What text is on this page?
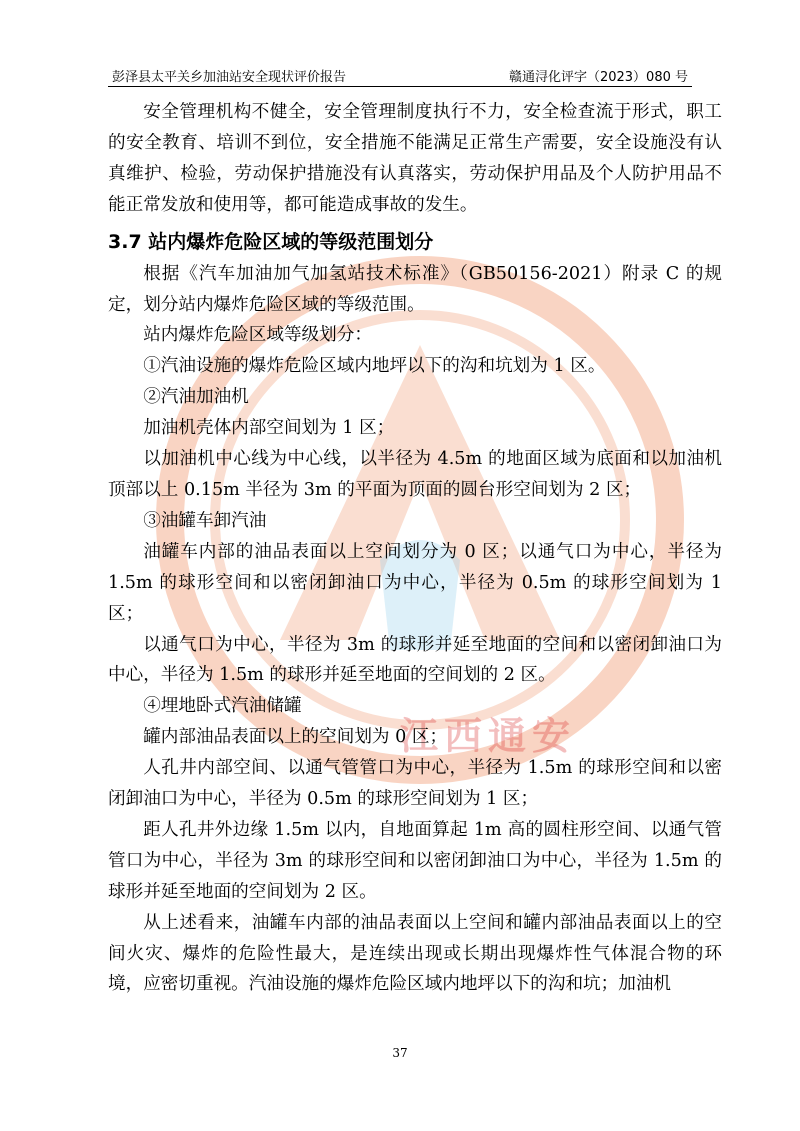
江西通安
彭泽县太平关乡加油站安全现状评价报告	赣通浔化评字（2023）080 号

安全管理机构不健全，安全管理制度执行不力，安全检查流于形式，职工的安全教育、培训不到位，安全措施不能满足正常生产需要，安全设施没有认真维护、检验，劳动保护措施没有认真落实，劳动保护用品及个人防护用品不能正常发放和使用等，都可能造成事故的发生。

3.7 站内爆炸危险区域的等级范围划分

根据《汽车加油加气加氢站技术标准》（GB50156-2021）附录 C 的规定，划分站内爆炸危险区域的等级范围。

站内爆炸危险区域等级划分：

①汽油设施的爆炸危险区域内地坪以下的沟和坑划为 1 区。

②汽油加油机

加油机壳体内部空间划为 1 区；

以加油机中心线为中心线，以半径为 4.5m 的地面区域为底面和以加油机顶部以上 0.15m 半径为 3m 的平面为顶面的圆台形空间划为 2 区；

③油罐车卸汽油

油罐车内部的油品表面以上空间划分为 0 区；以通气口为中心，半径为 1.5m 的球形空间和以密闭卸油口为中心，半径为 0.5m 的球形空间划为 1 区；

以通气口为中心，半径为 3m 的球形并延至地面的空间和以密闭卸油口为中心，半径为 1.5m 的球形并延至地面的空间划的 2 区。

④埋地卧式汽油储罐

罐内部油品表面以上的空间划为 0 区；

人孔井内部空间、以通气管管口为中心，半径为 1.5m 的球形空间和以密闭卸油口为中心，半径为 0.5m 的球形空间划为 1 区；

距人孔井外边缘 1.5m 以内，自地面算起 1m 高的圆柱形空间、以通气管管口为中心，半径为 3m 的球形空间和以密闭卸油口为中心，半径为 1.5m 的球形并延至地面的空间划为 2 区。

从上述看来，油罐车内部的油品表面以上空间和罐内部油品表面以上的空间火灾、爆炸的危险性最大，是连续出现或长期出现爆炸性气体混合物的环境，应密切重视。汽油设施的爆炸危险区域内地坪以下的沟和坑；加油机

37
